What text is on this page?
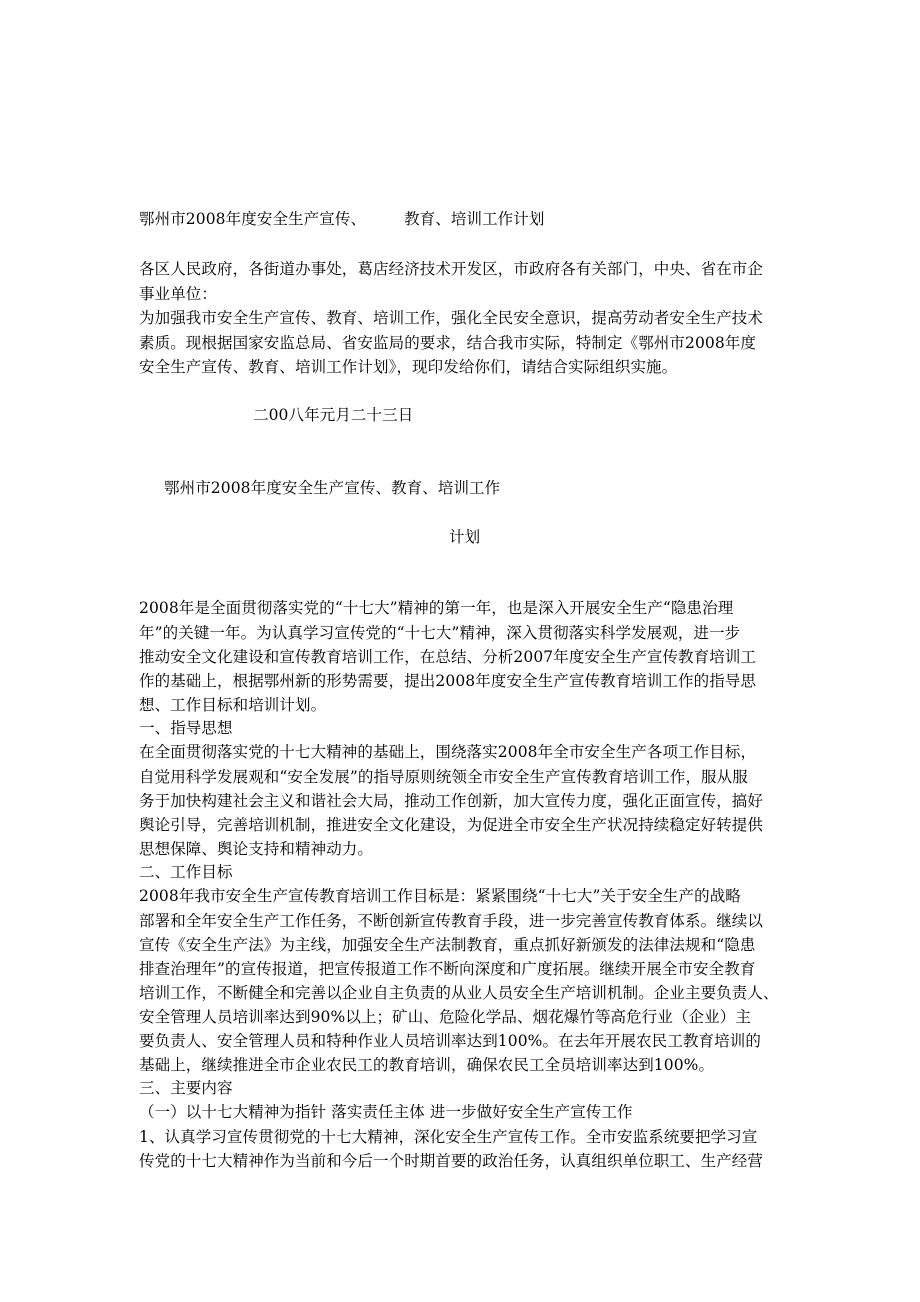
鄂州市2008年度安全生产宣传、 教育、培训工作计划
各区人民政府，各街道办事处，葛店经济技术开发区，市政府各有关部门，中央、省在市企
事业单位：
为加强我市安全生产宣传、教育、培训工作，强化全民安全意识，提高劳动者安全生产技术
素质。现根据国家安监总局、省安监局的要求，结合我市实际，特制定《鄂州市2008年度
安全生产宣传、教育、培训工作计划》，现印发给你们，请结合实际组织实施。
二00八年元月二十三日
鄂州市2008年度安全生产宣传、教育、培训工作
计划
2008年是全面贯彻落实党的“十七大”精神的第一年，也是深入开展安全生产“隐患治理
年”的关键一年。为认真学习宣传党的“十七大”精神，深入贯彻落实科学发展观，进一步
推动安全文化建设和宣传教育培训工作，在总结、分析2007年度安全生产宣传教育培训工
作的基础上，根据鄂州新的形势需要，提出2008年度安全生产宣传教育培训工作的指导思
想、工作目标和培训计划。
一、指导思想
在全面贯彻落实党的十七大精神的基础上，围绕落实2008年全市安全生产各项工作目标，
自觉用科学发展观和“安全发展”的指导原则统领全市安全生产宣传教育培训工作，服从服
务于加快构建社会主义和谐社会大局，推动工作创新，加大宣传力度，强化正面宣传，搞好
舆论引导，完善培训机制，推进安全文化建设，为促进全市安全生产状况持续稳定好转提供
思想保障、舆论支持和精神动力。
二、工作目标
2008年我市安全生产宣传教育培训工作目标是：紧紧围绕“十七大”关于安全生产的战略
部署和全年安全生产工作任务，不断创新宣传教育手段，进一步完善宣传教育体系。继续以
宣传《安全生产法》为主线，加强安全生产法制教育，重点抓好新颁发的法律法规和“隐患
排查治理年”的宣传报道，把宣传报道工作不断向深度和广度拓展。继续开展全市安全教育
培训工作，不断健全和完善以企业自主负责的从业人员安全生产培训机制。企业主要负责人、
安全管理人员培训率达到90%以上；矿山、危险化学品、烟花爆竹等高危行业（企业）主
要负责人、安全管理人员和特种作业人员培训率达到100%。在去年开展农民工教育培训的
基础上，继续推进全市企业农民工的教育培训，确保农民工全员培训率达到100%。
三、主要内容
（一）以十七大精神为指针 落实责任主体 进一步做好安全生产宣传工作
1、认真学习宣传贯彻党的十七大精神，深化安全生产宣传工作。全市安监系统要把学习宣
传党的十七大精神作为当前和今后一个时期首要的政治任务，认真组织单位职工、生产经营
